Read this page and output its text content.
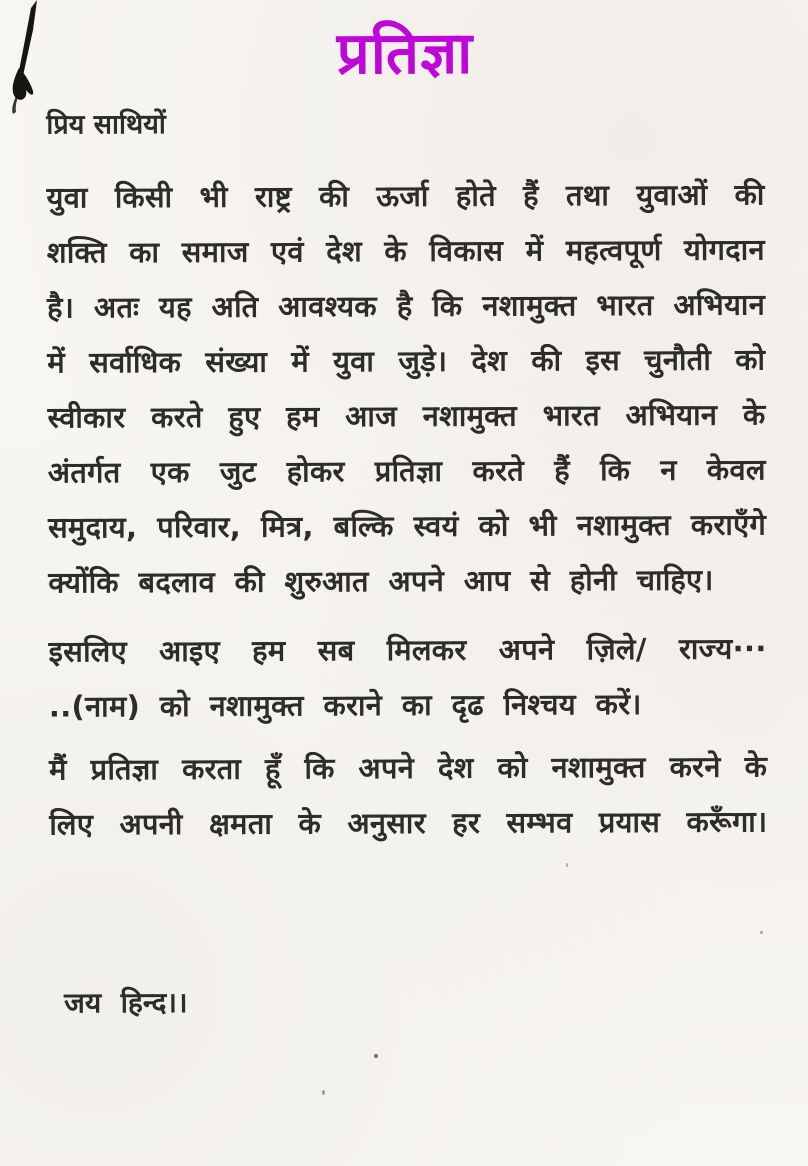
प्रतिज्ञा
प्रिय साथियों
युवा किसी भी राष्ट्र की ऊर्जा होते हैं तथा युवाओं की
शक्ति का समाज एवं देश के विकास में महत्वपूर्ण योगदान
है। अतः यह अति आवश्यक है कि नशामुक्त भारत अभियान
में सर्वाधिक संख्या में युवा जुड़े। देश की इस चुनौती को
स्वीकार करते हुए हम आज नशामुक्त भारत अभियान के
अंतर्गत एक जुट होकर प्रतिज्ञा करते हैं कि न केवल
समुदाय, परिवार, मित्र, बल्कि स्वयं को भी नशामुक्त कराएँगे
क्योंकि बदलाव की शुरुआत अपने आप से होनी चाहिए।
इसलिए आइए हम सब मिलकर अपने ज़िले/ राज्य···
..(नाम) को नशामुक्त कराने का दृढ निश्चय करें।
मैं प्रतिज्ञा करता हूँ कि अपने देश को नशामुक्त करने के
लिए अपनी क्षमता के अनुसार हर सम्भव प्रयास करूँगा।
जय हिन्द।।
